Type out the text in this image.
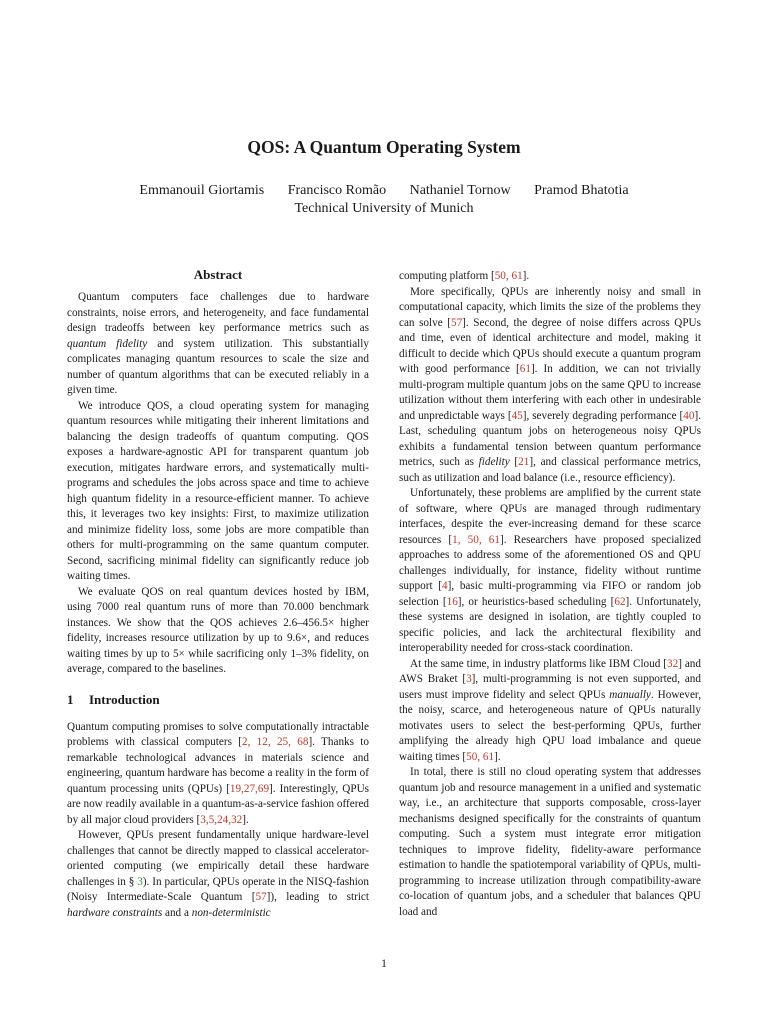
QOS: A Quantum Operating System
Emmanouil Giortamis Francisco Romão Nathaniel Tornow Pramod Bhatotia
Technical University of Munich
Abstract

Quantum computers face challenges due to hardware constraints, noise errors, and heterogeneity, and face fundamental design tradeoffs between key performance metrics such as quantum fidelity and system utilization. This substantially complicates managing quantum resources to scale the size and number of quantum algorithms that can be executed reliably in a given time.

We introduce QOS, a cloud operating system for managing quantum resources while mitigating their inherent limitations and balancing the design tradeoffs of quantum computing. QOS exposes a hardware-agnostic API for transparent quantum job execution, mitigates hardware errors, and systematically multi-programs and schedules the jobs across space and time to achieve high quantum fidelity in a resource-efficient manner. To achieve this, it leverages two key insights: First, to maximize utilization and minimize fidelity loss, some jobs are more compatible than others for multi-programming on the same quantum computer. Second, sacrificing minimal fidelity can significantly reduce job waiting times.

We evaluate QOS on real quantum devices hosted by IBM, using 7000 real quantum runs of more than 70.000 benchmark instances. We show that the QOS achieves 2.6–456.5× higher fidelity, increases resource utilization by up to 9.6×, and reduces waiting times by up to 5× while sacrificing only 1–3% fidelity, on average, compared to the baselines.

1 Introduction

Quantum computing promises to solve computationally intractable problems with classical computers [2, 12, 25, 68]. Thanks to remarkable technological advances in materials science and engineering, quantum hardware has become a reality in the form of quantum processing units (QPUs) [19,27,69]. Interestingly, QPUs are now readily available in a quantum-as-a-service fashion offered by all major cloud providers [3,5,24,32].

However, QPUs present fundamentally unique hardware-level challenges that cannot be directly mapped to classical accelerator-oriented computing (we empirically detail these hardware challenges in § 3). In particular, QPUs operate in the NISQ-fashion (Noisy Intermediate-Scale Quantum [57]), leading to strict hardware constraints and a non-deterministic

computing platform [50, 61].

More specifically, QPUs are inherently noisy and small in computational capacity, which limits the size of the problems they can solve [57]. Second, the degree of noise differs across QPUs and time, even of identical architecture and model, making it difficult to decide which QPUs should execute a quantum program with good performance [61]. In addition, we can not trivially multi-program multiple quantum jobs on the same QPU to increase utilization without them interfering with each other in undesirable and unpredictable ways [45], severely degrading performance [40]. Last, scheduling quantum jobs on heterogeneous noisy QPUs exhibits a fundamental tension between quantum performance metrics, such as fidelity [21], and classical performance metrics, such as utilization and load balance (i.e., resource efficiency).

Unfortunately, these problems are amplified by the current state of software, where QPUs are managed through rudimentary interfaces, despite the ever-increasing demand for these scarce resources [1, 50, 61]. Researchers have proposed specialized approaches to address some of the aforementioned OS and QPU challenges individually, for instance, fidelity without runtime support [4], basic multi-programming via FIFO or random job selection [16], or heuristics-based scheduling [62]. Unfortunately, these systems are designed in isolation, are tightly coupled to specific policies, and lack the architectural flexibility and interoperability needed for cross-stack coordination.

At the same time, in industry platforms like IBM Cloud [32] and AWS Braket [3], multi-programming is not even supported, and users must improve fidelity and select QPUs manually. However, the noisy, scarce, and heterogeneous nature of QPUs naturally motivates users to select the best-performing QPUs, further amplifying the already high QPU load imbalance and queue waiting times [50, 61].

In total, there is still no cloud operating system that addresses quantum job and resource management in a unified and systematic way, i.e., an architecture that supports composable, cross-layer mechanisms designed specifically for the constraints of quantum computing. Such a system must integrate error mitigation techniques to improve fidelity, fidelity-aware performance estimation to handle the spatiotemporal variability of QPUs, multi-programming to increase utilization through compatibility-aware co-location of quantum jobs, and a scheduler that balances QPU load and

1
